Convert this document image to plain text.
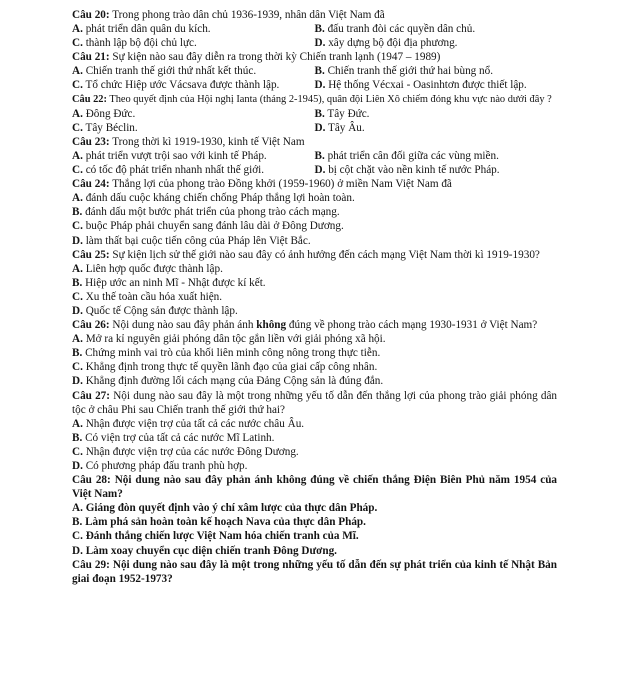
Câu 20: Trong phong trào dân chủ 1936-1939, nhân dân Việt Nam đã
A. phát triển dân quân du kích.	B. đấu tranh đòi các quyền dân chủ.
C. thành lập bộ đội chủ lực.	D. xây dựng bộ đội địa phương.
Câu 21: Sự kiện nào sau đây diễn ra trong thời kỳ Chiến tranh lạnh (1947 – 1989)
A. Chiến tranh thế giới thứ nhất kết thúc.	B. Chiến tranh thế giới thứ hai bùng nổ.
C. Tổ chức Hiệp ước Vácsava được thành lập.	D. Hệ thống Vécxai - Oasinhtơn được thiết lập.
Câu 22: Theo quyết định của Hội nghị Ianta (tháng 2-1945), quân đội Liên Xô chiếm đóng khu vực nào dưới đây ?
A. Đông Đức.	B. Tây Đức.
C. Tây Béclin.	D. Tây Âu.
Câu 23: Trong thời kì 1919-1930, kinh tế Việt Nam
A. phát triển vượt trội sao với kinh tế Pháp.	B. phát triển cân đối giữa các vùng miền.
C. có tốc độ phát triển nhanh nhất thế giới.	D. bị cột chặt vào nền kinh tế nước Pháp.
Câu 24: Thắng lợi của phong trào Đồng khởi (1959-1960) ở miền Nam Việt Nam đã
A. đánh dấu cuộc kháng chiến chống Pháp thắng lợi hoàn toàn.
B. đánh dấu một bước phát triển của phong trào cách mạng.
C. buộc Pháp phải chuyển sang đánh lâu dài ở Đông Dương.
D. làm thất bại cuộc tiến công của Pháp lên Việt Bắc.
Câu 25: Sự kiện lịch sử thế giới nào sau đây có ảnh hưởng đến cách mạng Việt Nam thời kì 1919-1930?
A. Liên hợp quốc được thành lập.
B. Hiệp ước an ninh Mĩ - Nhật được kí kết.
C. Xu thế toàn cầu hóa xuất hiện.
D. Quốc tế Cộng sản được thành lập.
Câu 26: Nội dung nào sau đây phản ánh không đúng về phong trào cách mạng 1930-1931 ở Việt Nam?
A. Mở ra kỉ nguyên giải phóng dân tộc gắn liền với giải phóng xã hội.
B. Chứng minh vai trò của khối liên minh công nông trong thực tiễn.
C. Khẳng định trong thực tế quyền lãnh đạo của giai cấp công nhân.
D. Khẳng định đường lối cách mạng của Đảng Cộng sản là đúng đắn.
Câu 27: Nội dung nào sau đây là một trong những yếu tố dẫn đến thắng lợi của phong trào giải phóng dân tộc ở châu Phi sau Chiến tranh thế giới thứ hai?
A. Nhận được viện trợ của tất cả các nước châu Âu.
B. Có viện trợ của tất cả các nước Mĩ Latinh.
C. Nhận được viện trợ của các nước Đông Dương.
D. Có phương pháp đấu tranh phù hợp.
Câu 28: Nội dung nào sau đây phản ánh không đúng về chiến thắng Điện Biên Phủ năm 1954 của Việt Nam?
A. Giáng đòn quyết định vào ý chí xâm lược của thực dân Pháp.
B. Làm phá sản hoàn toàn kế hoạch Nava của thực dân Pháp.
C. Đánh thắng chiến lược Việt Nam hóa chiến tranh của Mĩ.
D. Làm xoay chuyển cục diện chiến tranh Đông Dương.
Câu 29: Nội dung nào sau đây là một trong những yếu tố dẫn đến sự phát triển của kinh tế Nhật Bản giai đoạn 1952-1973?
